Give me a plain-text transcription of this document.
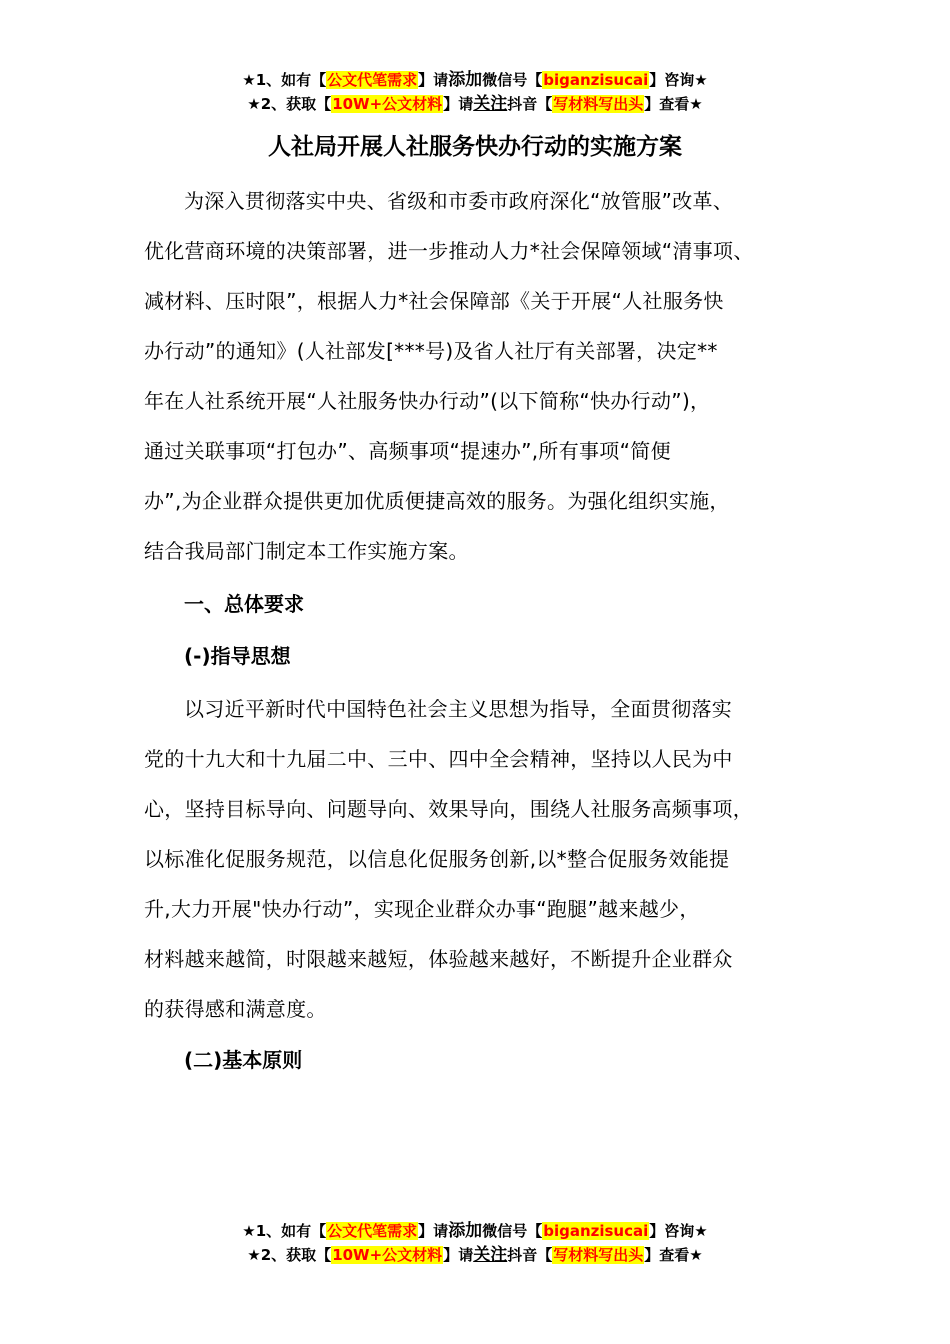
★1、如有【公文代笔需求】请添加微信号【biganzisucai】咨询★
★2、获取【10W+公文材料】请关注抖音【写材料写出头】查看★
人社局开展人社服务快办行动的实施方案
为深入贯彻落实中央、省级和市委市政府深化“放管服”改革、
优化营商环境的决策部署，进一步推动人力*社会保障领域“清事项、
减材料、压时限”，根据人力*社会保障部《关于开展“人社服务快
办行动”的通知》(人社部发[***号)及省人社厅有关部署，决定**
年在人社系统开展“人社服务快办行动”(以下简称“快办行动”)，
通过关联事项“打包办”、高频事项“提速办”,所有事项“简便
办”,为企业群众提供更加优质便捷高效的服务。为强化组织实施，
结合我局部门制定本工作实施方案。
一、总体要求
(-)指导思想
以习近平新时代中国特色社会主义思想为指导，全面贯彻落实
党的十九大和十九届二中、三中、四中全会精神，坚持以人民为中
心，坚持目标导向、问题导向、效果导向，围绕人社服务高频事项，
以标准化促服务规范，以信息化促服务创新,以*整合促服务效能提
升,大力开展"快办行动”，实现企业群众办事“跑腿”越来越少，
材料越来越简，时限越来越短，体验越来越好，不断提升企业群众
的获得感和满意度。
(二)基本原则
★1、如有【公文代笔需求】请添加微信号【biganzisucai】咨询★
★2、获取【10W+公文材料】请关注抖音【写材料写出头】查看★
